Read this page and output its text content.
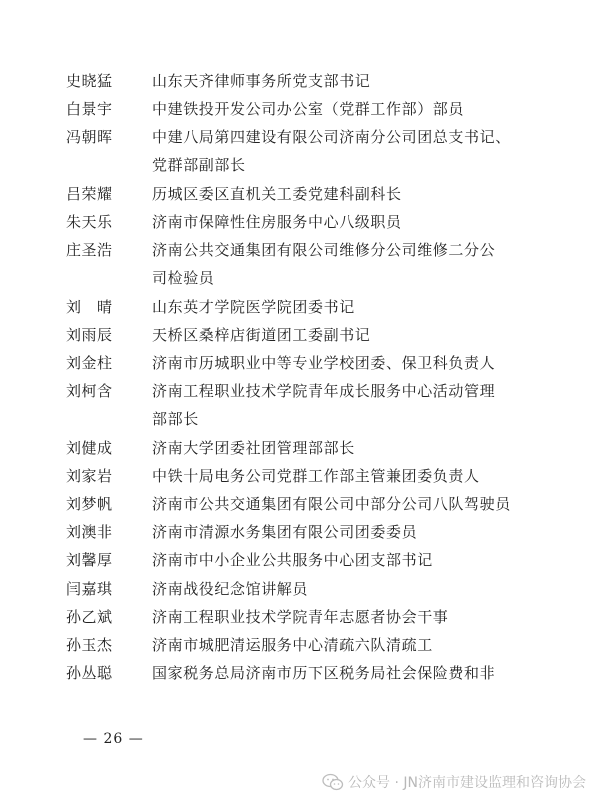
史晓猛	山东天齐律师事务所党支部书记
白景宇	中建铁投开发公司办公室（党群工作部）部员
冯朝晖	中建八局第四建设有限公司济南分公司团总支书记、
党群部副部长
吕荣耀	历城区委区直机关工委党建科副科长
朱天乐	济南市保障性住房服务中心八级职员
庄圣浩	济南公共交通集团有限公司维修分公司维修二分公
司检验员
刘　晴	山东英才学院医学院团委书记
刘雨辰	天桥区桑梓店街道团工委副书记
刘金柱	济南市历城职业中等专业学校团委、保卫科负责人
刘柯含	济南工程职业技术学院青年成长服务中心活动管理
部部长
刘健成	济南大学团委社团管理部部长
刘家岩	中铁十局电务公司党群工作部主管兼团委负责人
刘梦帆	济南市公共交通集团有限公司中部分公司八队驾驶员
刘澳非	济南市清源水务集团有限公司团委委员
刘馨厚	济南市中小企业公共服务中心团支部书记
闫嘉琪	济南战役纪念馆讲解员
孙乙斌	济南工程职业技术学院青年志愿者协会干事
孙玉杰	济南市城肥清运服务中心清疏六队清疏工
孙丛聪	国家税务总局济南市历下区税务局社会保险费和非
— 26 —
公众号 · JN济南市建设监理和咨询协会
